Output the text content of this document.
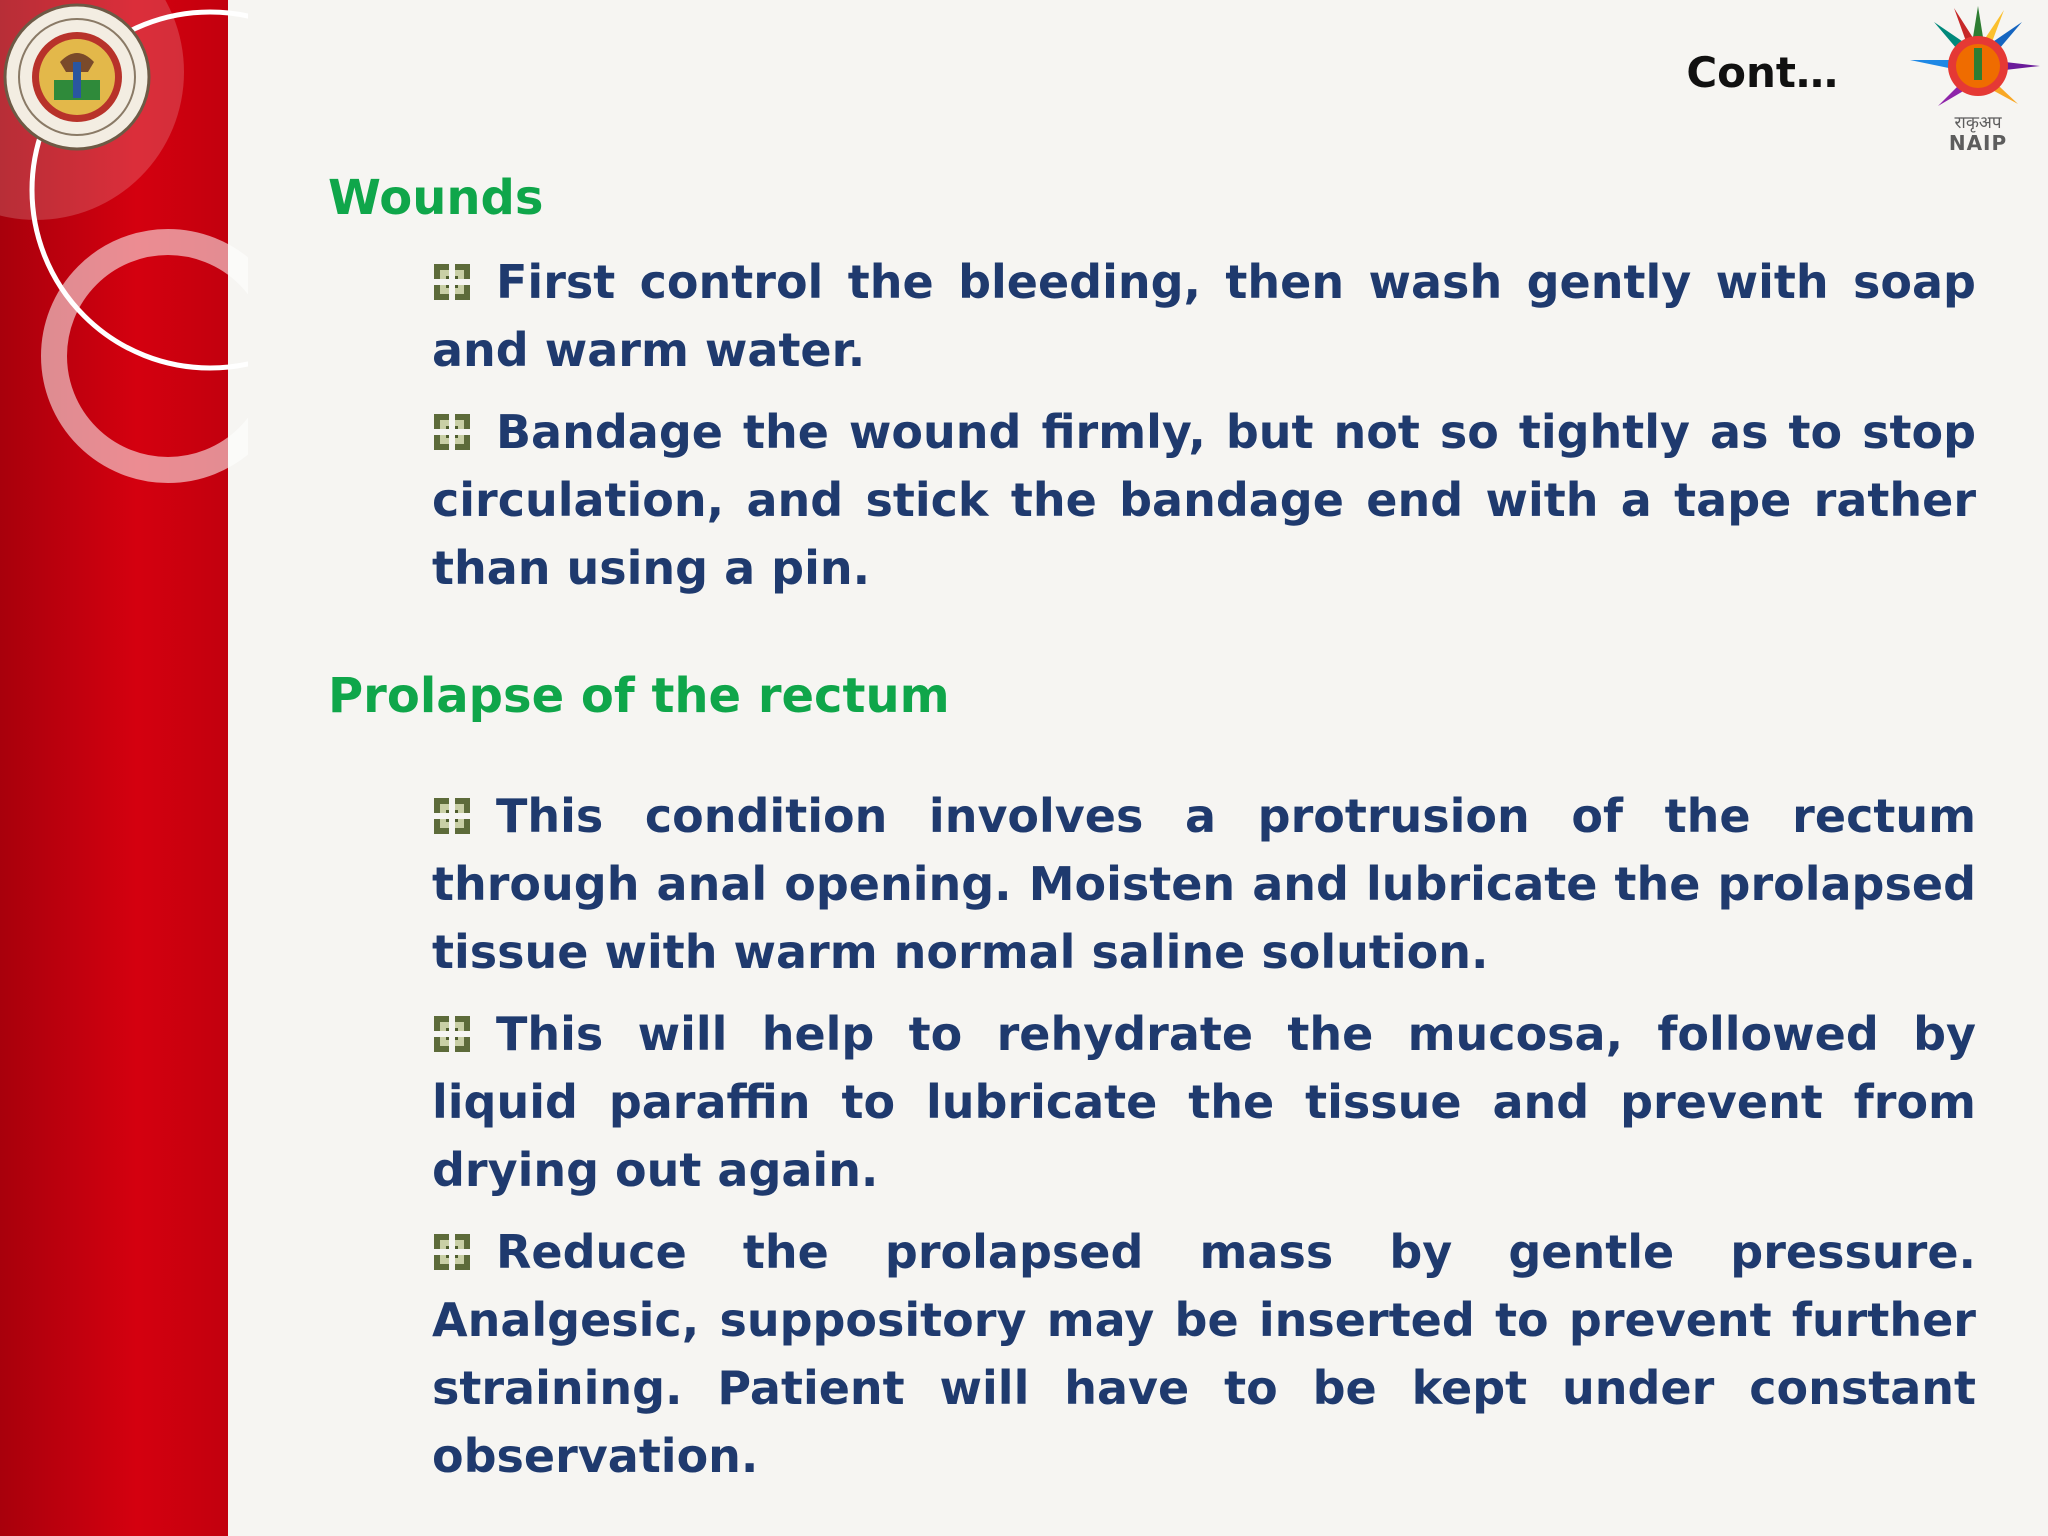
Cont…
राकृअप
NAIP
Wounds
First control the bleeding, then wash gently with soap and warm water.
Bandage the wound firmly, but not so tightly as to stop circulation, and stick the bandage end with a tape rather than using a pin.
Prolapse of the rectum
This condition involves a protrusion of the rectum through anal opening. Moisten and lubricate the prolapsed tissue with warm normal saline solution.
This will help to rehydrate the mucosa, followed by liquid paraffin to lubricate the tissue and prevent from drying out again.
Reduce the prolapsed mass by gentle pressure. Analgesic, suppository may be inserted to prevent further straining. Patient will have to be kept under constant observation.
